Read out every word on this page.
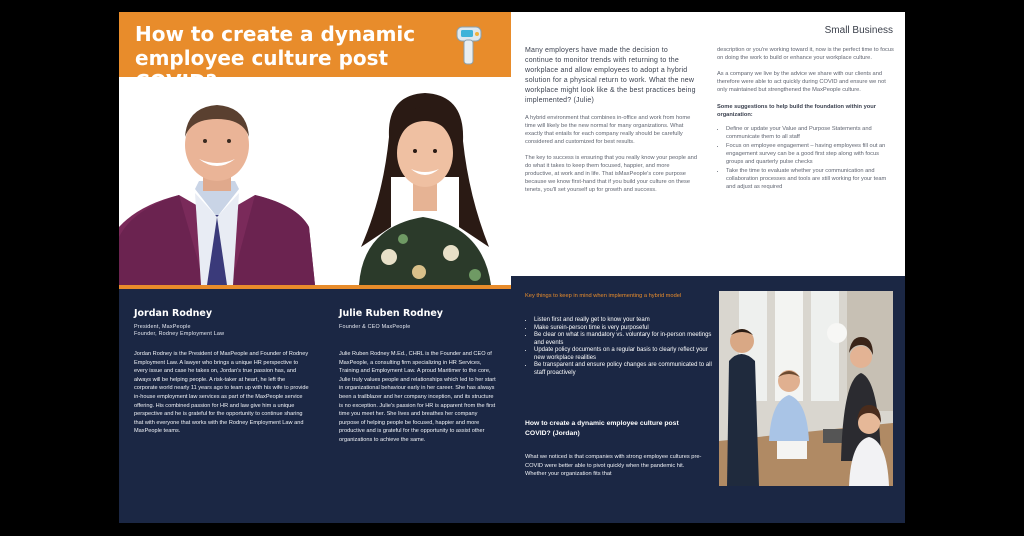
How to create a dynamic employee culture post
Jordan Rodney
President, MaxPeople
Founder, Rodney Employment Law
Jordan Rodney is the President of MaxPeople and Founder of Rodney Employment Law. A lawyer who brings a unique HR perspective to every issue and case he takes on, Jordan's true passion has, and always will be helping people. A risk-taker at heart, he left the corporate world nearly 11 years ago to team up with his wife to provide in-house employment law services as part of the MaxPeople service offering. His combined passion for HR and law give him a unique perspective and he is grateful for the opportunity to continue sharing that with everyone that works with the Rodney Employment Law and MaxPeople teams.
Julie Ruben Rodney
Founder & CEO MaxPeople
Julie Ruben Rodney M.Ed., CHRL is the Founder and CEO of MaxPeople, a consulting firm specializing in HR Services, Training and Employment Law. A proud Maritimer to the core, Julie truly values people and relationships which led to her start in organizational behaviour early in her career. She has always been a trailblazer and her company inception, and its structure is no exception. Julie's passion for HR is apparent from the first time you meet her. She lives and breathes her company purpose of helping people be focused, happier and more productive and is grateful for the opportunity to assist other organizations to achieve the same.
Small Business
Many employers have made the decision to continue to monitor trends with returning to the workplace and allow employees to adopt a hybrid solution for a physical return to work. What the new workplace might look like & the best practices being implemented? (Julie)
A hybrid environment that combines in-office and work from home time will likely be the new normal for many organizations. What exactly that entails for each company really should be carefully considered and customized for best results.
The key to success is ensuring that you really know your people and do what it takes to keep them focused, happier, and more productive, at work and in life. That isMaxPeople's core purpose because we know first-hand that if you build your culture on these tenets, you'll set yourself up for growth and success.
description or you're working toward it, now is the perfect time to focus on doing the work to build or enhance your workplace culture.
As a company we live by the advice we share with our clients and therefore were able to act quickly during COVID and ensure we not only maintained but strengthened the MaxPeople culture.
Some suggestions to help build the foundation within your organization:
• Define or update your Value and Purpose Statements and communicate them to all staff
• Focus on employee engagement – having employees fill out an engagement survey can be a good first step along with focus groups and quarterly pulse checks
• Take the time to evaluate whether your communication and collaboration processes and tools are still working for your team and adjust as required
Key things to keep in mind when implementing a hybrid model
• Listen first and really get to know your team
• Make surein-person time is very purposeful
• Be clear on what is mandatory vs. voluntary for in-person meetings and events
• Update policy documents on a regular basis to clearly reflect your new workplace realities
• Be transparent and ensure policy changes are communicated to all staff proactively
How to create a dynamic employee culture post COVID? (Jordan)
What we noticed is that companies with strong employee cultures pre-COVID were better able to pivot quickly when the pandemic hit. Whether your organization fits that
